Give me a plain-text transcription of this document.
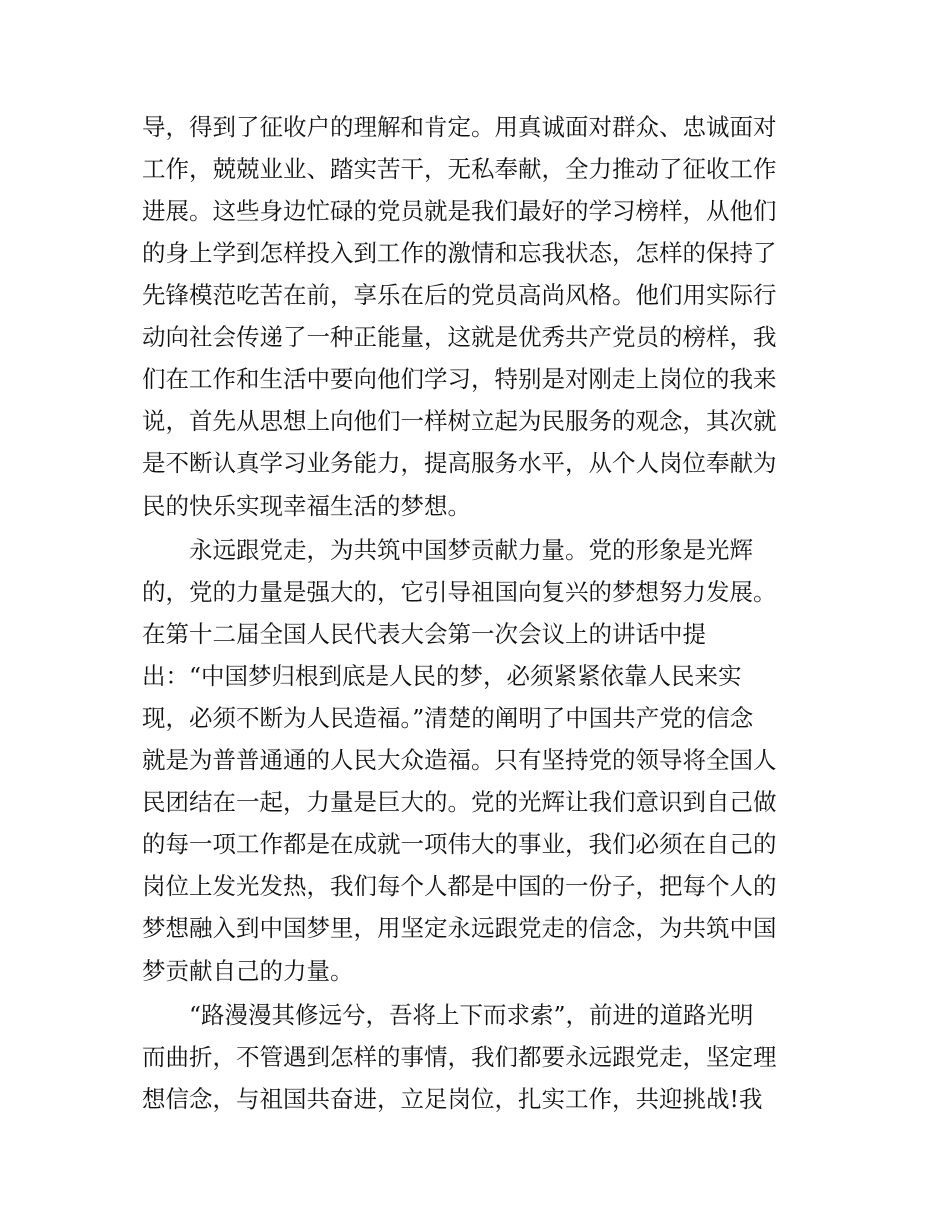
导，得到了征收户的理解和肯定。用真诚面对群众、忠诚面对
工作，兢兢业业、踏实苦干，无私奉献，全力推动了征收工作
进展。这些身边忙碌的党员就是我们最好的学习榜样，从他们
的身上学到怎样投入到工作的激情和忘我状态，怎样的保持了
先锋模范吃苦在前，享乐在后的党员高尚风格。他们用实际行
动向社会传递了一种正能量，这就是优秀共产党员的榜样，我
们在工作和生活中要向他们学习，特别是对刚走上岗位的我来
说，首先从思想上向他们一样树立起为民服务的观念，其次就
是不断认真学习业务能力，提高服务水平，从个人岗位奉献为
民的快乐实现幸福生活的梦想。
　　永远跟党走，为共筑中国梦贡献力量。党的形象是光辉
的，党的力量是强大的，它引导祖国向复兴的梦想努力发展。
在第十二届全国人民代表大会第一次会议上的讲话中提
出：“中国梦归根到底是人民的梦，必须紧紧依靠人民来实
现，必须不断为人民造福。”清楚的阐明了中国共产党的信念
就是为普普通通的人民大众造福。只有坚持党的领导将全国人
民团结在一起，力量是巨大的。党的光辉让我们意识到自己做
的每一项工作都是在成就一项伟大的事业，我们必须在自己的
岗位上发光发热，我们每个人都是中国的一份子，把每个人的
梦想融入到中国梦里，用坚定永远跟党走的信念，为共筑中国
梦贡献自己的力量。
　　“路漫漫其修远兮，吾将上下而求索”，前进的道路光明
而曲折，不管遇到怎样的事情，我们都要永远跟党走，坚定理
想信念，与祖国共奋进，立足岗位，扎实工作，共迎挑战!我
